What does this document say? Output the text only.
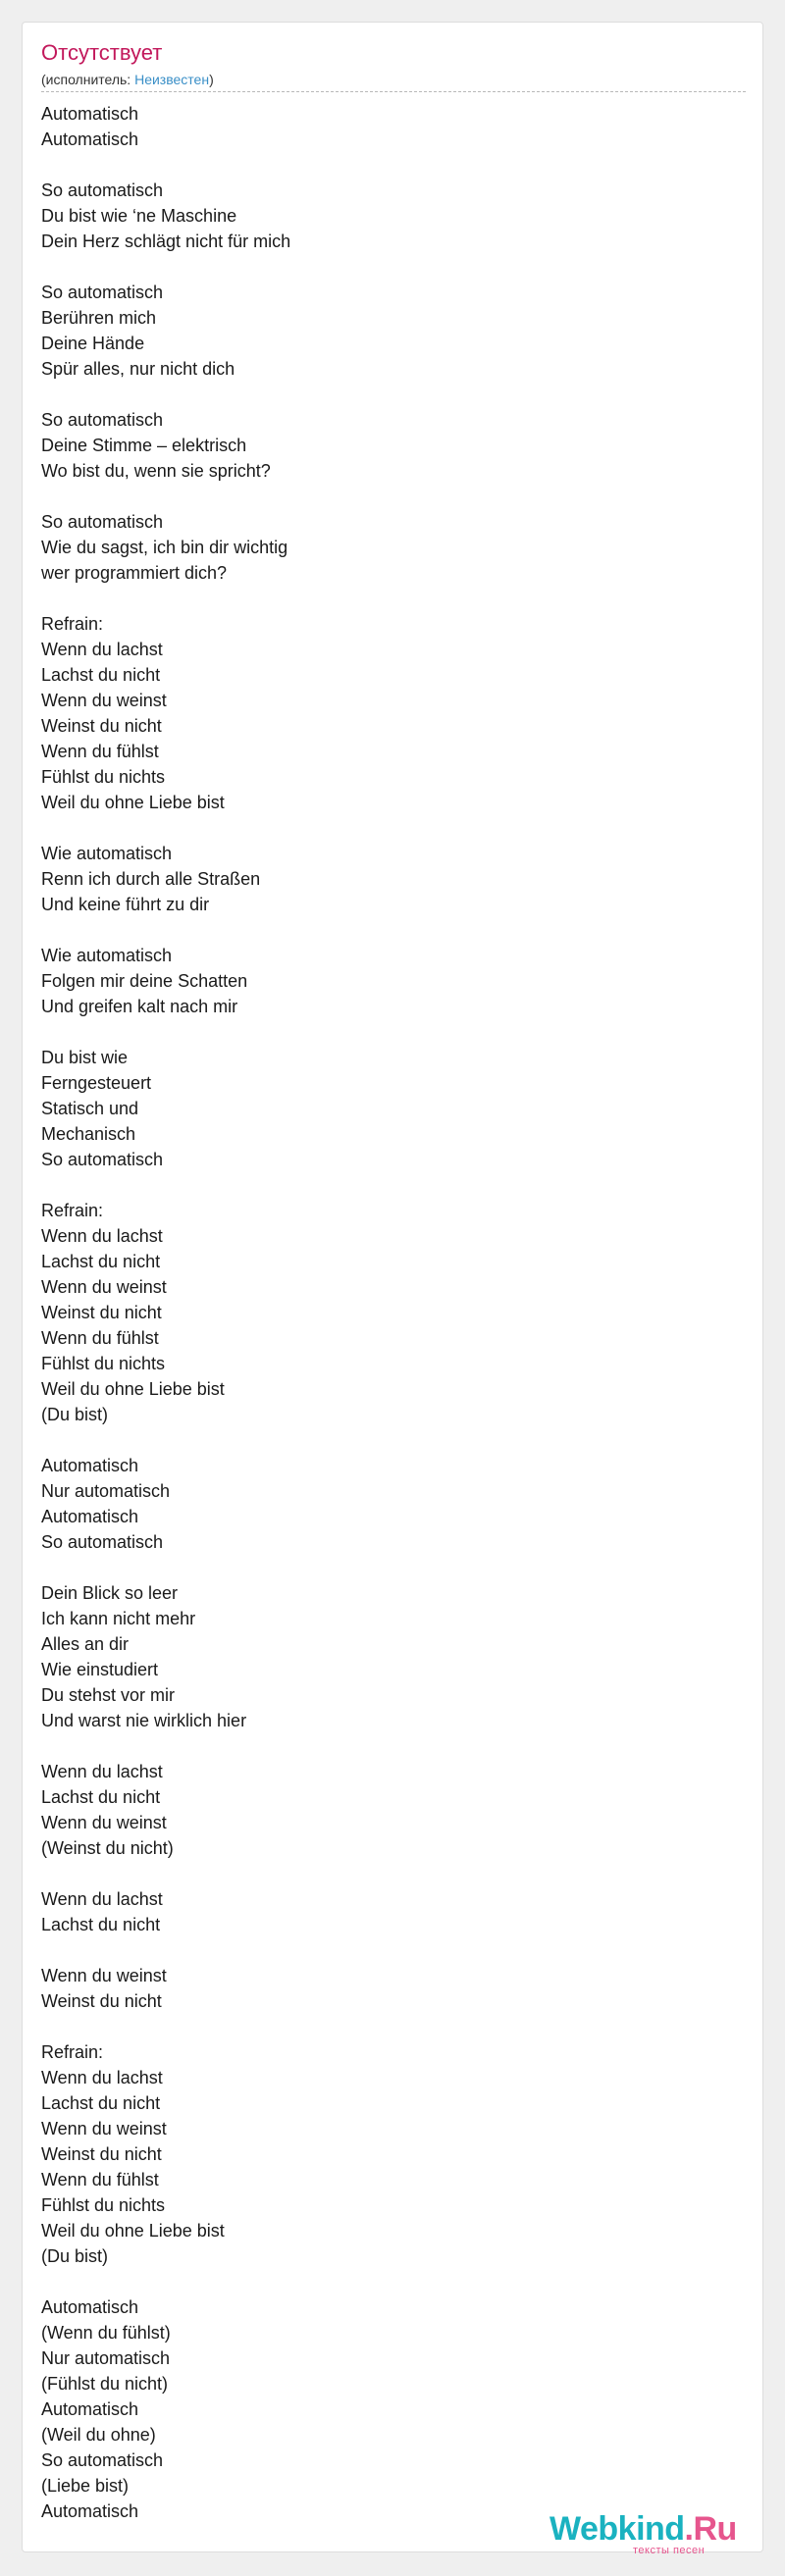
Отсутствует
(исполнитель: Неизвестен)
Automatisch
Automatisch
So automatisch
Du bist wie ‘ne Maschine
Dein Herz schlägt nicht für mich
So automatisch
Berühren mich
Deine Hände
Spür alles, nur nicht dich
So automatisch
Deine Stimme – elektrisch
Wo bist du, wenn sie spricht?
So automatisch
Wie du sagst, ich bin dir wichtig
wer programmiert dich?
Refrain:
Wenn du lachst
Lachst du nicht
Wenn du weinst
Weinst du nicht
Wenn du fühlst
Fühlst du nichts
Weil du ohne Liebe bist
Wie automatisch
Renn ich durch alle Straßen
Und keine führt zu dir
Wie automatisch
Folgen mir deine Schatten
Und greifen kalt nach mir
Du bist wie
Ferngesteuert
Statisch und
Mechanisch
So automatisch
Refrain:
Wenn du lachst
Lachst du nicht
Wenn du weinst
Weinst du nicht
Wenn du fühlst
Fühlst du nichts
Weil du ohne Liebe bist
(Du bist)
Automatisch
Nur automatisch
Automatisch
So automatisch
Dein Blick so leer
Ich kann nicht mehr
Alles an dir
Wie einstudiert
Du stehst vor mir
Und warst nie wirklich hier
Wenn du lachst
Lachst du nicht
Wenn du weinst
(Weinst du nicht)
Wenn du lachst
Lachst du nicht
Wenn du weinst
Weinst du nicht
Refrain:
Wenn du lachst
Lachst du nicht
Wenn du weinst
Weinst du nicht
Wenn du fühlst
Fühlst du nichts
Weil du ohne Liebe bist
(Du bist)
Automatisch
(Wenn du fühlst)
Nur automatisch
(Fühlst du nicht)
Automatisch
(Weil du ohne)
So automatisch
(Liebe bist)
Automatisch	Webkind.Ru
тексты песен
